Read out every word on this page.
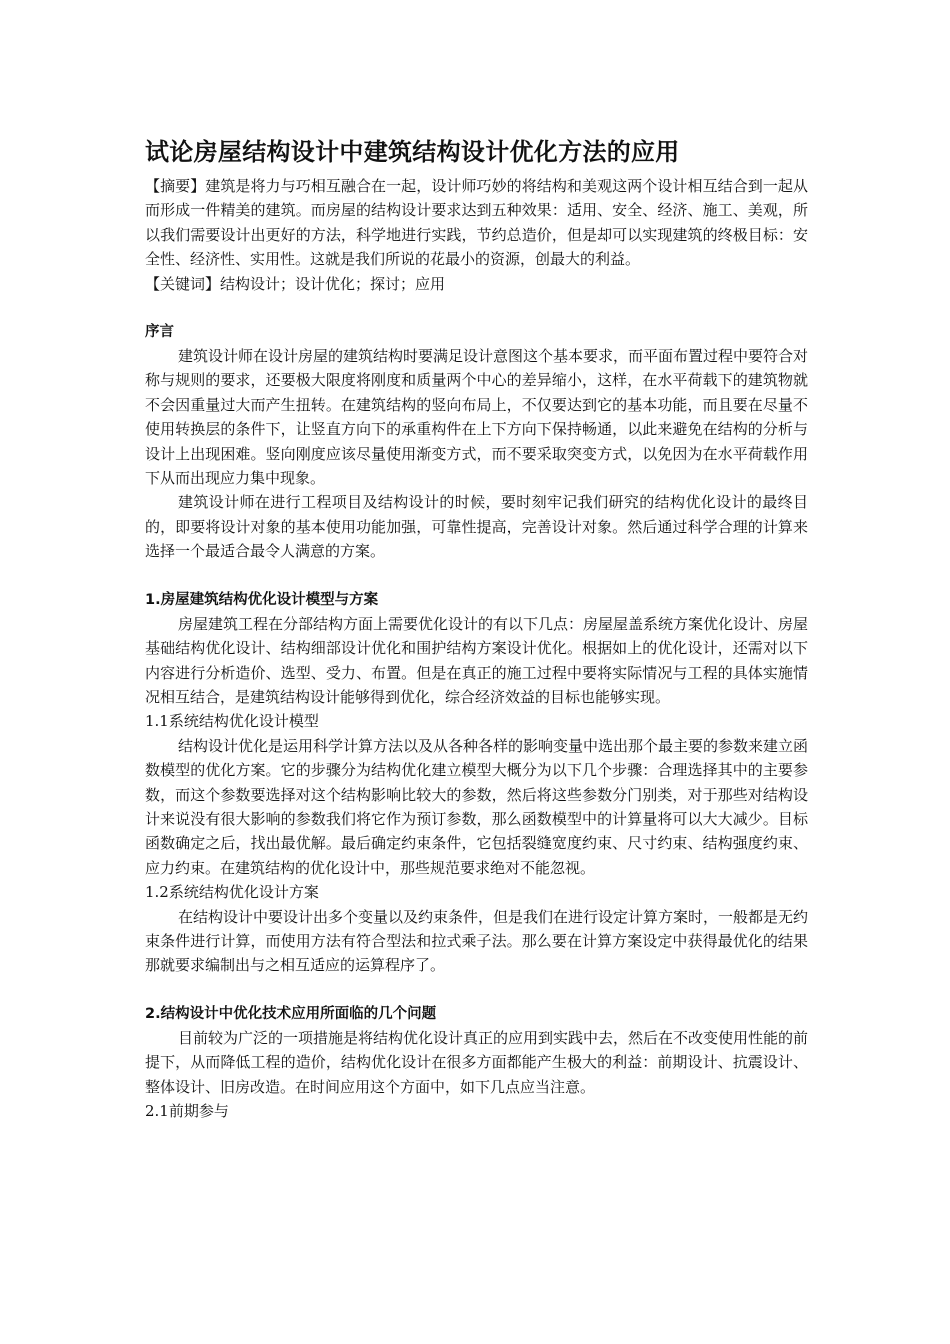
试论房屋结构设计中建筑结构设计优化方法的应用

【摘要】建筑是将力与巧相互融合在一起，设计师巧妙的将结构和美观这两个设计相互结合到一起从而形成一件精美的建筑。而房屋的结构设计要求达到五种效果：适用、安全、经济、施工、美观，所以我们需要设计出更好的方法，科学地进行实践，节约总造价，但是却可以实现建筑的终极目标：安全性、经济性、实用性。这就是我们所说的花最小的资源，创最大的利益。

【关键词】结构设计；设计优化；探讨；应用

序言

建筑设计师在设计房屋的建筑结构时要满足设计意图这个基本要求，而平面布置过程中要符合对称与规则的要求，还要极大限度将刚度和质量两个中心的差异缩小，这样，在水平荷载下的建筑物就不会因重量过大而产生扭转。在建筑结构的竖向布局上，不仅要达到它的基本功能，而且要在尽量不使用转换层的条件下，让竖直方向下的承重构件在上下方向下保持畅通，以此来避免在结构的分析与设计上出现困难。竖向刚度应该尽量使用渐变方式，而不要采取突变方式，以免因为在水平荷载作用下从而出现应力集中现象。

建筑设计师在进行工程项目及结构设计的时候，要时刻牢记我们研究的结构优化设计的最终目的，即要将设计对象的基本使用功能加强，可靠性提高，完善设计对象。然后通过科学合理的计算来选择一个最适合最令人满意的方案。

1.房屋建筑结构优化设计模型与方案

房屋建筑工程在分部结构方面上需要优化设计的有以下几点：房屋屋盖系统方案优化设计、房屋基础结构优化设计、结构细部设计优化和围护结构方案设计优化。根据如上的优化设计，还需对以下内容进行分析造价、选型、受力、布置。但是在真正的施工过程中要将实际情况与工程的具体实施情况相互结合，是建筑结构设计能够得到优化，综合经济效益的目标也能够实现。

1.1系统结构优化设计模型

结构设计优化是运用科学计算方法以及从各种各样的影响变量中选出那个最主要的参数来建立函数模型的优化方案。它的步骤分为结构优化建立模型大概分为以下几个步骤：合理选择其中的主要参数，而这个参数要选择对这个结构影响比较大的参数，然后将这些参数分门别类，对于那些对结构设计来说没有很大影响的参数我们将它作为预订参数，那么函数模型中的计算量将可以大大减少。目标函数确定之后，找出最优解。最后确定约束条件，它包括裂缝宽度约束、尺寸约束、结构强度约束、应力约束。在建筑结构的优化设计中，那些规范要求绝对不能忽视。

1.2系统结构优化设计方案

在结构设计中要设计出多个变量以及约束条件，但是我们在进行设定计算方案时，一般都是无约束条件进行计算，而使用方法有符合型法和拉式乘子法。那么要在计算方案设定中获得最优化的结果那就要求编制出与之相互适应的运算程序了。

2.结构设计中优化技术应用所面临的几个问题

目前较为广泛的一项措施是将结构优化设计真正的应用到实践中去，然后在不改变使用性能的前提下，从而降低工程的造价，结构优化设计在很多方面都能产生极大的利益：前期设计、抗震设计、整体设计、旧房改造。在时间应用这个方面中，如下几点应当注意。

2.1前期参与
